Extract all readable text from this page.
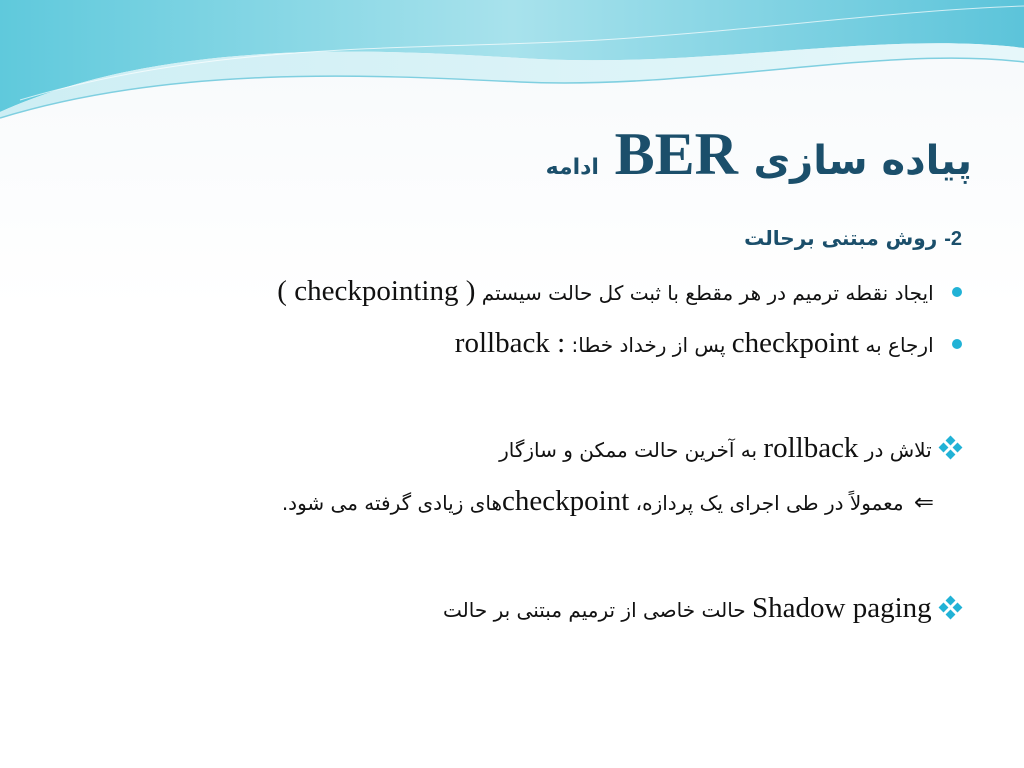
پیاده سازی BER ادامه
2- روش مبتنی برحالت
ایجاد نقطه ترمیم در هر مقطع با ثبت کل حالت سیستم ( checkpointing )
ارجاع به checkpoint پس از رخداد خطا: : rollback
تلاش در rollback به آخرین حالت ممکن و سازگار
⇐ معمولاً در طی اجرای یک پردازه، checkpointهای زیادی گرفته می شود.
Shadow paging حالت خاصی از ترمیم مبتنی بر حالت
